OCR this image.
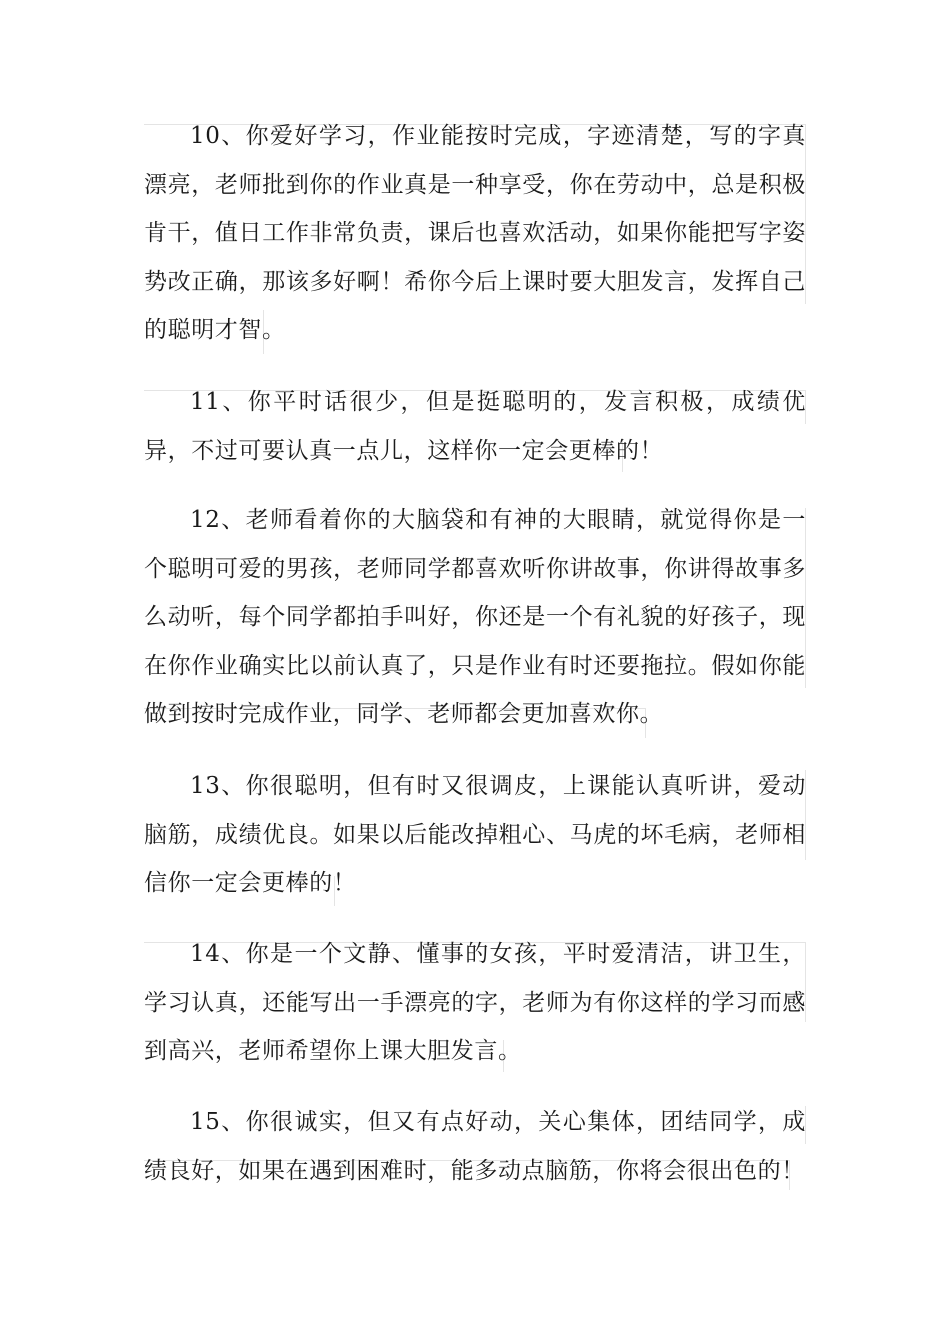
10、你爱好学习，作业能按时完成，字迹清楚，写的字真漂亮，老师批到你的作业真是一种享受，你在劳动中，总是积极肯干，值日工作非常负责，课后也喜欢活动，如果你能把写字姿势改正确，那该多好啊！希你今后上课时要大胆发言，发挥自己的聪明才智。

11、你平时话很少，但是挺聪明的，发言积极，成绩优异，不过可要认真一点儿，这样你一定会更棒的！

12、老师看着你的大脑袋和有神的大眼睛，就觉得你是一个聪明可爱的男孩，老师同学都喜欢听你讲故事，你讲得故事多么动听，每个同学都拍手叫好，你还是一个有礼貌的好孩子，现在你作业确实比以前认真了，只是作业有时还要拖拉。假如你能做到按时完成作业，同学、老师都会更加喜欢你。

13、你很聪明，但有时又很调皮，上课能认真听讲，爱动脑筋，成绩优良。如果以后能改掉粗心、马虎的坏毛病，老师相信你一定会更棒的！

14、你是一个文静、懂事的女孩，平时爱清洁，讲卫生，学习认真，还能写出一手漂亮的字，老师为有你这样的学习而感到高兴，老师希望你上课大胆发言。

15、你很诚实，但又有点好动，关心集体，团结同学，成绩良好，如果在遇到困难时，能多动点脑筋，你将会很出色的！
